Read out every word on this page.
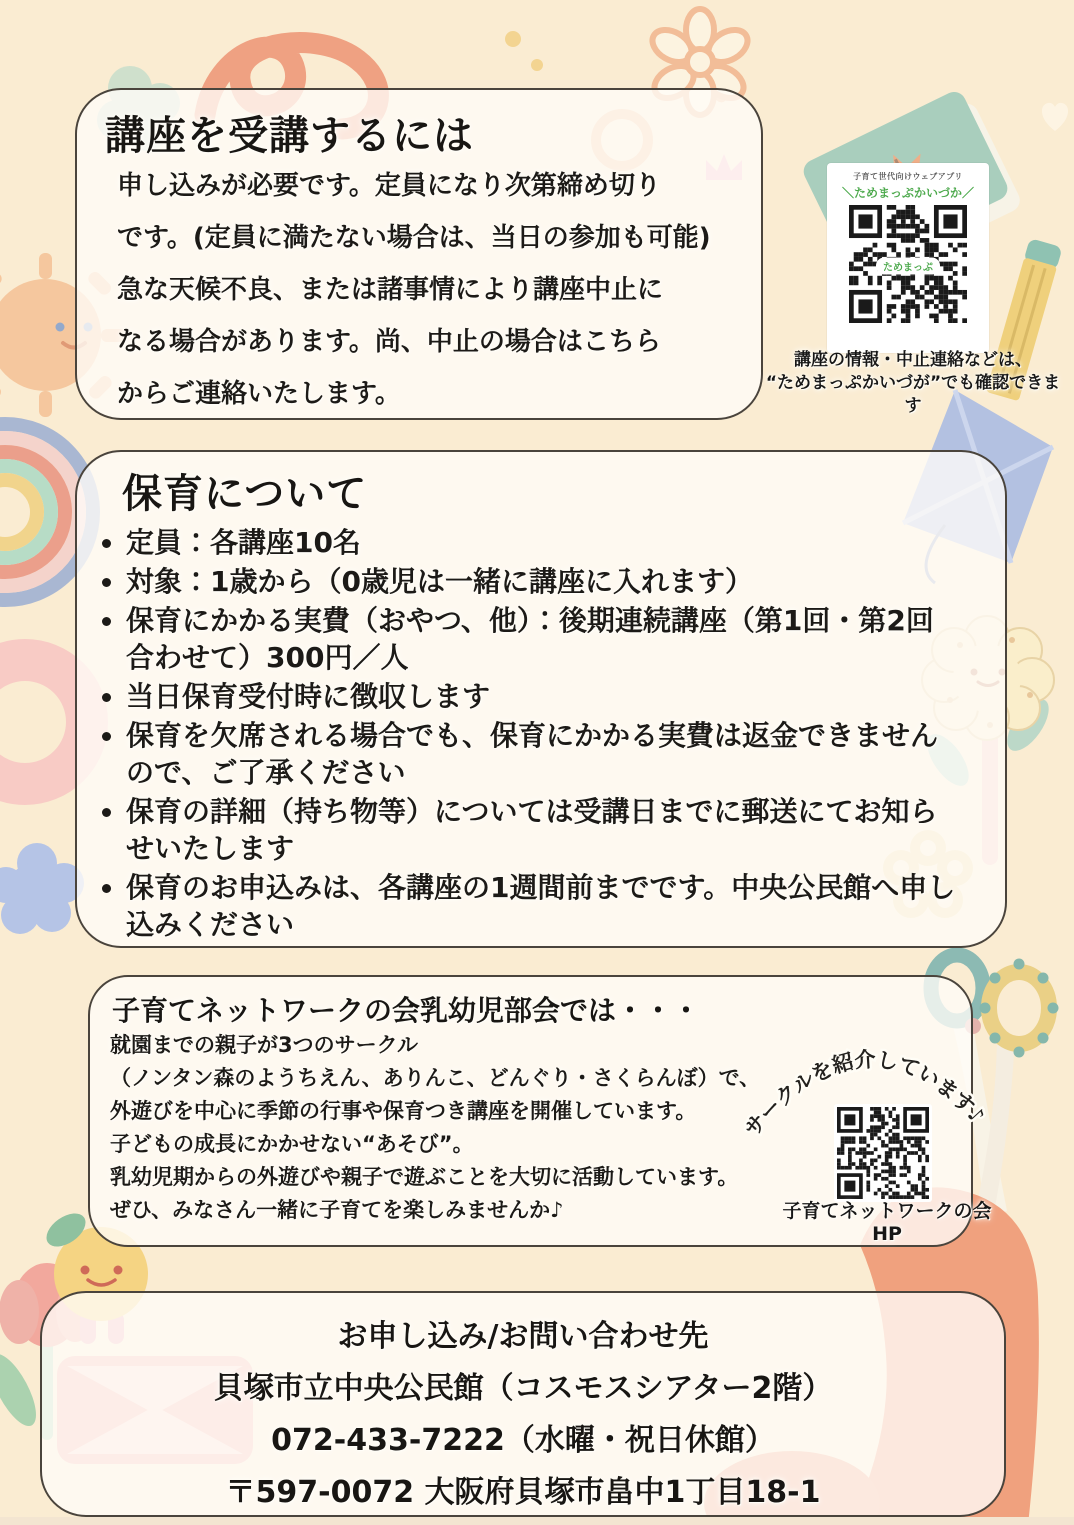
講座を受講するには
申し込みが必要です。定員になり次第締め切り
です。(定員に満たない場合は、当日の参加も可能)
急な天候不良、または諸事情により講座中止に
なる場合があります。尚、中止の場合はこちら
からご連絡いたします。
保育について
定員：各講座10名
対象：1歳から（0歳児は一緒に講座に入れます）
保育にかかる実費（おやつ、他）：後期連続講座（第1回・第2回合わせて）300円／人
当日保育受付時に徴収します
保育を欠席される場合でも、保育にかかる実費は返金できませんので、ご了承ください
保育の詳細（持ち物等）については受講日までに郵送にてお知らせいたします
保育のお申込みは、各講座の1週間前までです。中央公民館へ申し込みください
子育てネットワークの会乳幼児部会では・・・
就園までの親子が3つのサークル
（ノンタン森のようちえん、ありんこ、どんぐり・さくらんぼ）で、
外遊びを中心に季節の行事や保育つき講座を開催しています。
子どもの成長にかかせない“あそび”。
乳幼児期からの外遊びや親子で遊ぶことを大切に活動しています。
ぜひ、みなさん一緒に子育てを楽しみませんか♪
お申し込み/お問い合わせ先
貝塚市立中央公民館（コスモスシアター2階）
072-433-7222（水曜・祝日休館）
〒597-0072 大阪府貝塚市畠中1丁目18-1
子育て世代向けウェブアプリ
＼ためまっぷかいづか／
ためまっぷ
講座の情報・中止連絡などは、
“ためまっぷかいづが”でも確認できます
サークルを紹介しています♪
子育てネットワークの会HP
